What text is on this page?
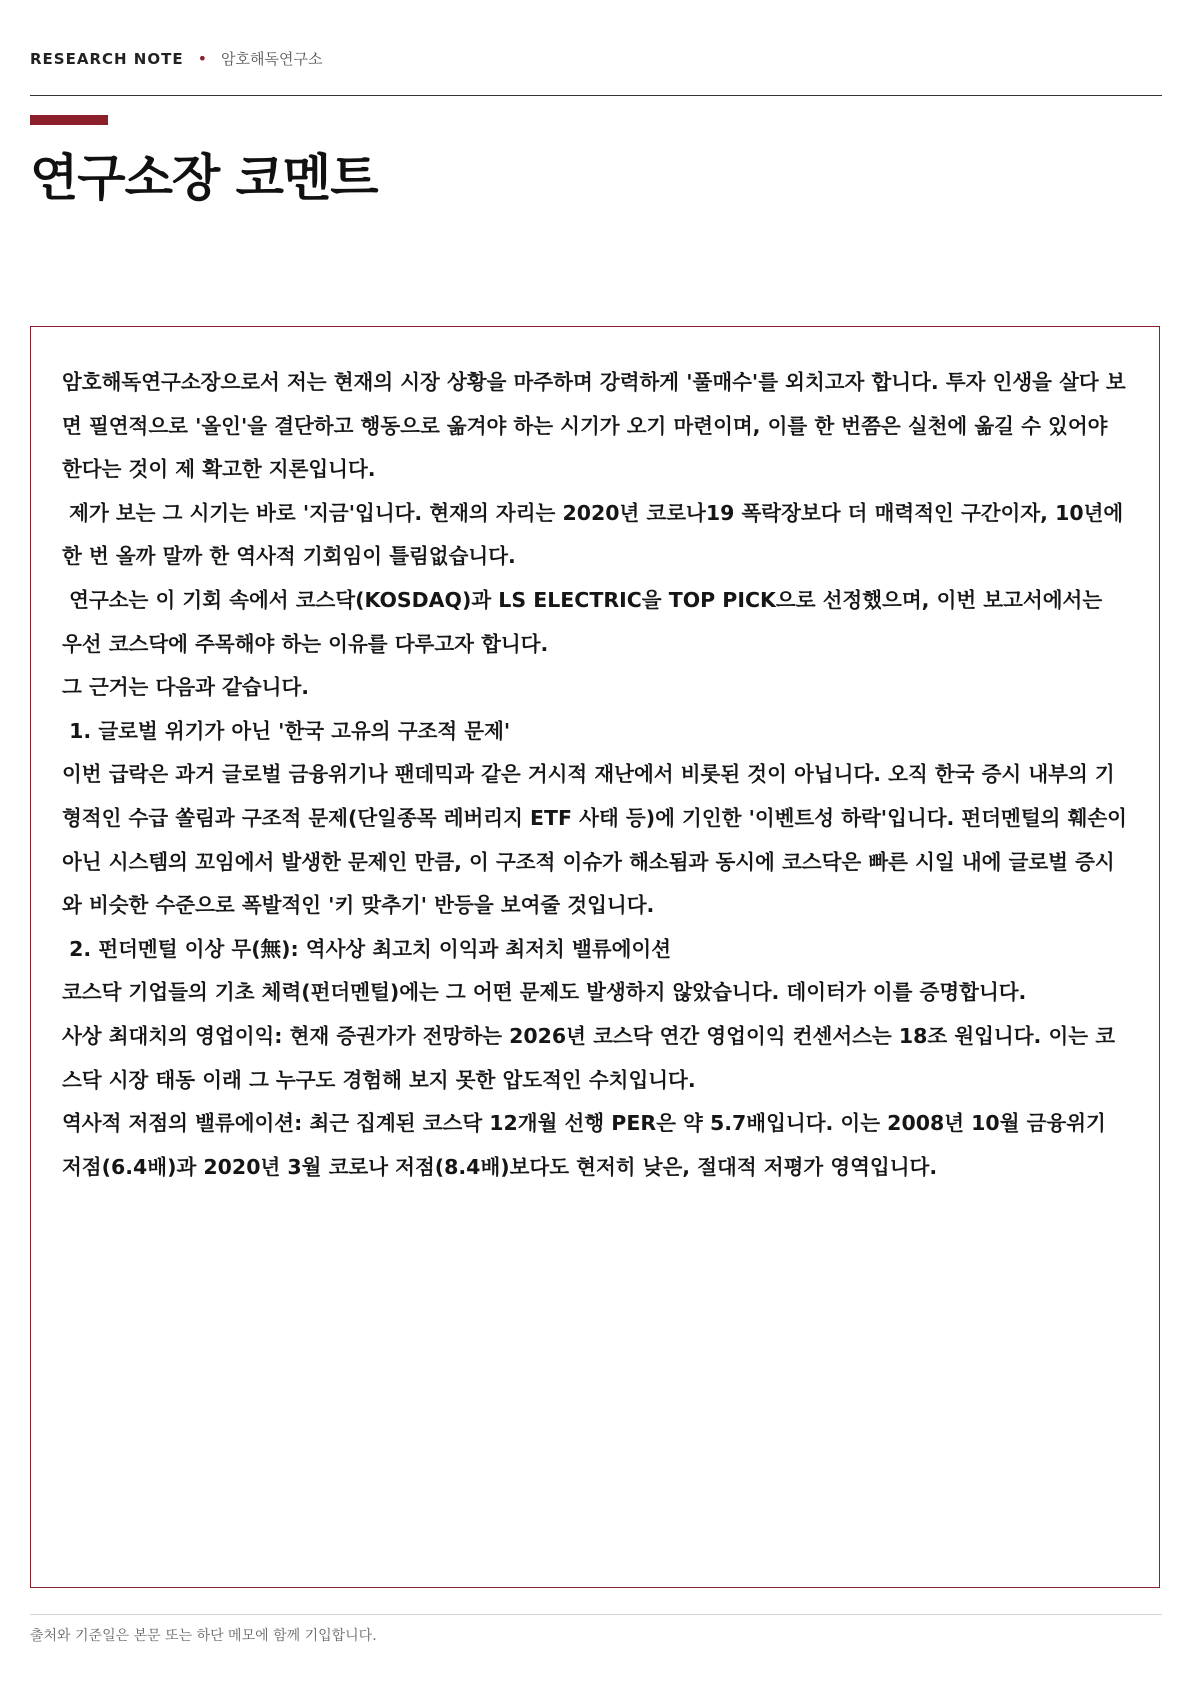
RESEARCH NOTE • 암호해독연구소
연구소장 코멘트

암호해독연구소장으로서 저는 현재의 시장 상황을 마주하며 강력하게 '풀매수'를 외치고자 합니다. 투자 인생을 살다 보면 필연적으로 '올인'을 결단하고 행동으로 옮겨야 하는 시기가 오기 마련이며, 이를 한 번쯤은 실천에 옮길 수 있어야 한다는 것이 제 확고한 지론입니다.

제가 보는 그 시기는 바로 '지금'입니다. 현재의 자리는 2020년 코로나19 폭락장보다 더 매력적인 구간이자, 10년에 한 번 올까 말까 한 역사적 기회임이 틀림없습니다.

연구소는 이 기회 속에서 코스닥(KOSDAQ)과 LS ELECTRIC을 TOP PICK으로 선정했으며, 이번 보고서에서는 우선 코스닥에 주목해야 하는 이유를 다루고자 합니다.

그 근거는 다음과 같습니다.

1. 글로벌 위기가 아닌 '한국 고유의 구조적 문제'

이번 급락은 과거 글로벌 금융위기나 팬데믹과 같은 거시적 재난에서 비롯된 것이 아닙니다. 오직 한국 증시 내부의 기형적인 수급 쏠림과 구조적 문제(단일종목 레버리지 ETF 사태 등)에 기인한 '이벤트성 하락'입니다. 펀더멘털의 훼손이 아닌 시스템의 꼬임에서 발생한 문제인 만큼, 이 구조적 이슈가 해소됨과 동시에 코스닥은 빠른 시일 내에 글로벌 증시와 비슷한 수준으로 폭발적인 '키 맞추기' 반등을 보여줄 것입니다.

2. 펀더멘털 이상 무(無): 역사상 최고치 이익과 최저치 밸류에이션

코스닥 기업들의 기초 체력(펀더멘털)에는 그 어떤 문제도 발생하지 않았습니다. 데이터가 이를 증명합니다.

사상 최대치의 영업이익: 현재 증권가가 전망하는 2026년 코스닥 연간 영업이익 컨센서스는 18조 원입니다. 이는 코스닥 시장 태동 이래 그 누구도 경험해 보지 못한 압도적인 수치입니다.

역사적 저점의 밸류에이션: 최근 집계된 코스닥 12개월 선행 PER은 약 5.7배입니다. 이는 2008년 10월 금융위기 저점(6.4배)과 2020년 3월 코로나 저점(8.4배)보다도 현저히 낮은, 절대적 저평가 영역입니다.

출처와 기준일은 본문 또는 하단 메모에 함께 기입합니다.
